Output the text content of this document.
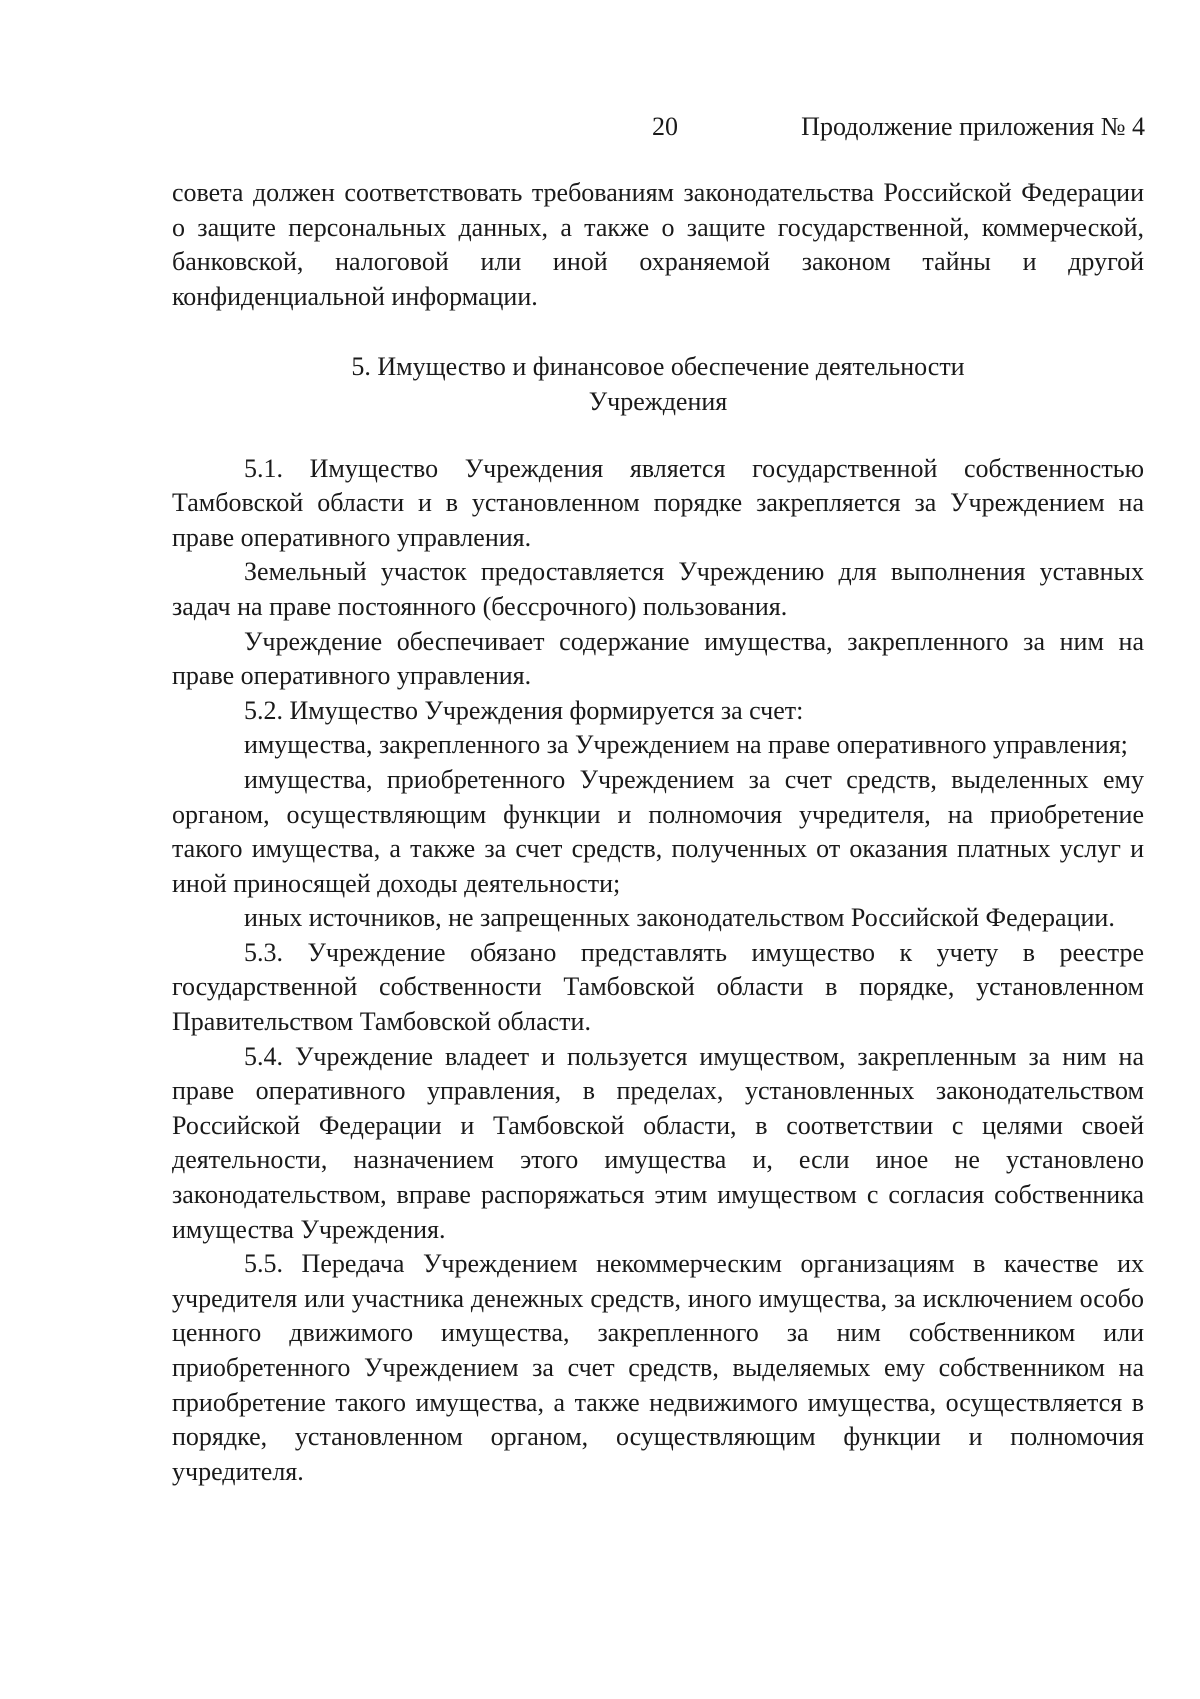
20	Продолжение приложения № 4

совета должен соответствовать требованиям законодательства Российской Федерации о защите персональных данных, а также о защите государственной, коммерческой, банковской, налоговой или иной охраняемой законом тайны и другой конфиденциальной информации.

5. Имущество и финансовое обеспечение деятельности
Учреждения

5.1. Имущество Учреждения является государственной собственностью Тамбовской области и в установленном порядке закрепляется за Учреждением на праве оперативного управления.

Земельный участок предоставляется Учреждению для выполнения уставных задач на праве постоянного (бессрочного) пользования.

Учреждение обеспечивает содержание имущества, закрепленного за ним на праве оперативного управления.

5.2. Имущество Учреждения формируется за счет:

имущества, закрепленного за Учреждением на праве оперативного управления;

имущества, приобретенного Учреждением за счет средств, выделенных ему органом, осуществляющим функции и полномочия учредителя, на приобретение такого имущества, а также за счет средств, полученных от оказания платных услуг и иной приносящей доходы деятельности;

иных источников, не запрещенных законодательством Российской Федерации.

5.3. Учреждение обязано представлять имущество к учету в реестре государственной собственности Тамбовской области в порядке, установленном Правительством Тамбовской области.

5.4. Учреждение владеет и пользуется имуществом, закрепленным за ним на праве оперативного управления, в пределах, установленных законодательством Российской Федерации и Тамбовской области, в соответствии с целями своей деятельности, назначением этого имущества и, если иное не установлено законодательством, вправе распоряжаться этим имуществом с согласия собственника имущества Учреждения.

5.5. Передача Учреждением некоммерческим организациям в качестве их учредителя или участника денежных средств, иного имущества, за исключением особо ценного движимого имущества, закрепленного за ним собственником или приобретенного Учреждением за счет средств, выделяемых ему собственником на приобретение такого имущества, а также недвижимого имущества, осуществляется в порядке, установленном органом, осуществляющим функции и полномочия учредителя.
